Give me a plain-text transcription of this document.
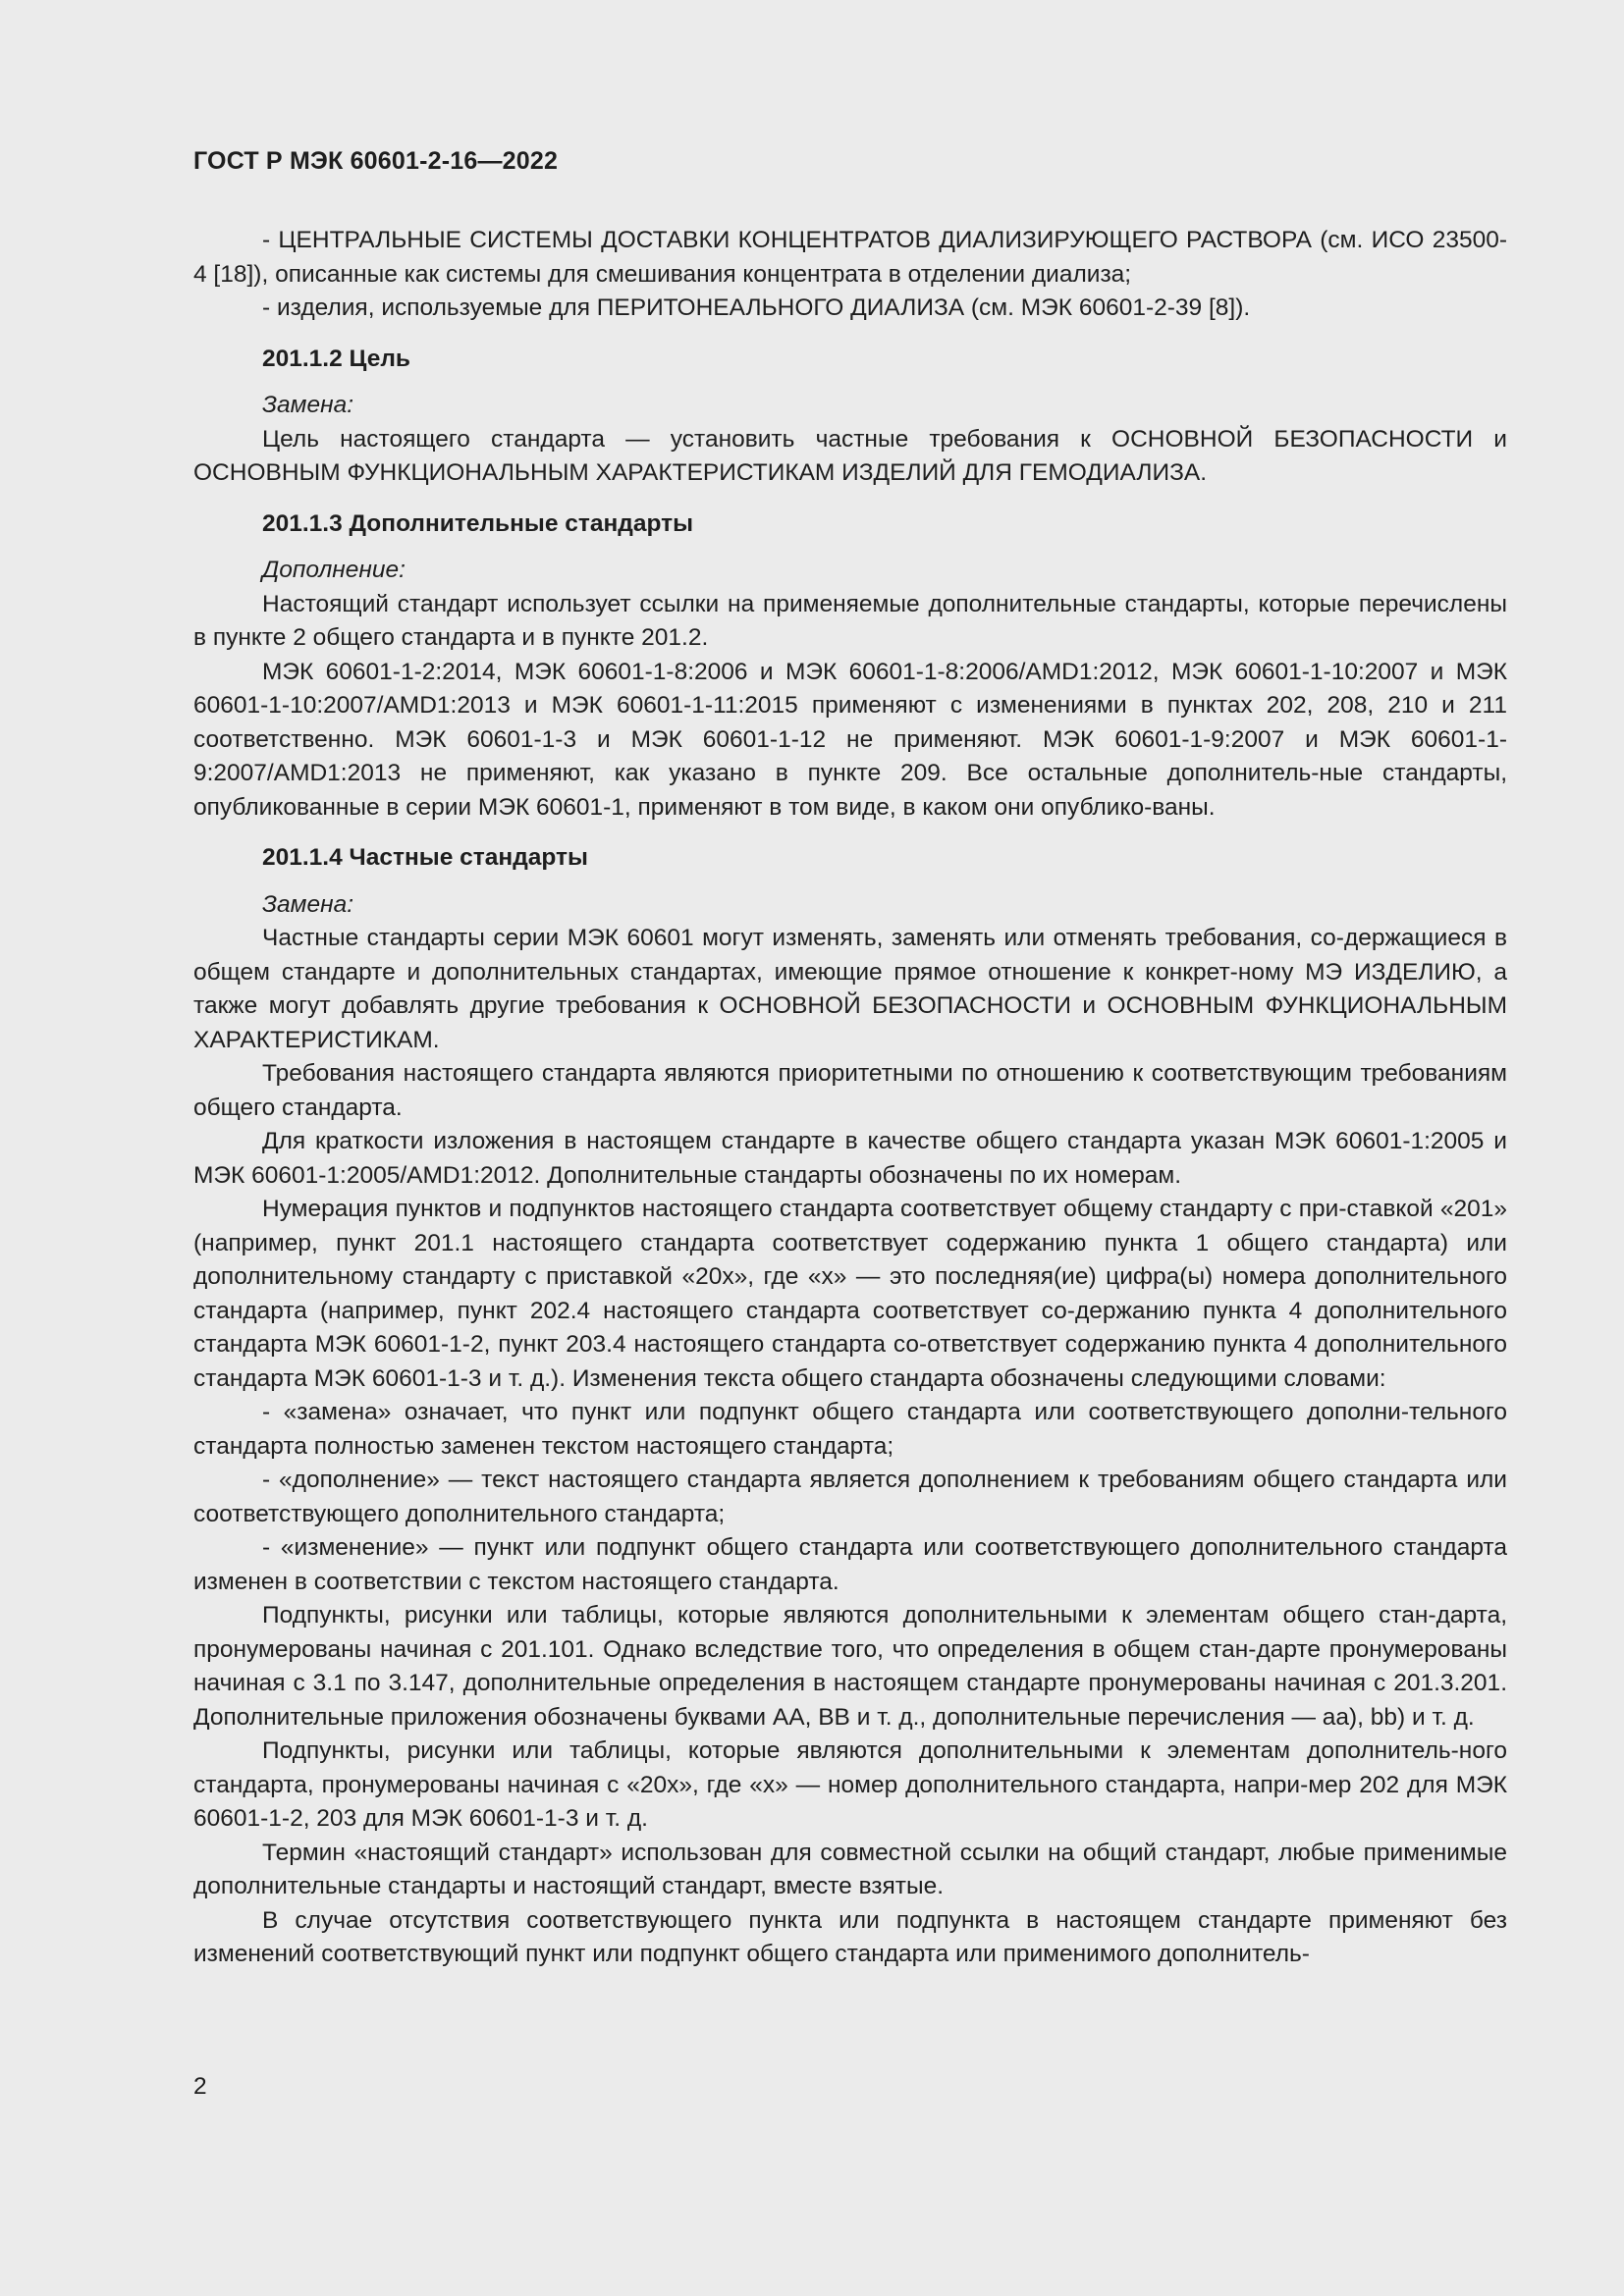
ГОСТ Р МЭК 60601-2-16—2022
- ЦЕНТРАЛЬНЫЕ СИСТЕМЫ ДОСТАВКИ КОНЦЕНТРАТОВ ДИАЛИЗИРУЮЩЕГО РАСТВОРА (см. ИСО 23500-4 [18]), описанные как системы для смешивания концентрата в отделении диализа;
- изделия, используемые для ПЕРИТОНЕАЛЬНОГО ДИАЛИЗА (см. МЭК 60601-2-39 [8]).
201.1.2 Цель
Замена:
Цель настоящего стандарта — установить частные требования к ОСНОВНОЙ БЕЗОПАСНОСТИ и ОСНОВНЫМ ФУНКЦИОНАЛЬНЫМ ХАРАКТЕРИСТИКАМ ИЗДЕЛИЙ ДЛЯ ГЕМОДИАЛИЗА.
201.1.3 Дополнительные стандарты
Дополнение:
Настоящий стандарт использует ссылки на применяемые дополнительные стандарты, которые перечислены в пункте 2 общего стандарта и в пункте 201.2.
МЭК 60601-1-2:2014, МЭК 60601-1-8:2006 и МЭК 60601-1-8:2006/AMD1:2012, МЭК 60601-1-10:2007 и МЭК 60601-1-10:2007/AMD1:2013 и МЭК 60601-1-11:2015 применяют с изменениями в пунктах 202, 208, 210 и 211 соответственно. МЭК 60601-1-3 и МЭК 60601-1-12 не применяют. МЭК 60601-1-9:2007 и МЭК 60601-1-9:2007/AMD1:2013 не применяют, как указано в пункте 209. Все остальные дополнитель-ные стандарты, опубликованные в серии МЭК 60601-1, применяют в том виде, в каком они опублико-ваны.
201.1.4 Частные стандарты
Замена:
Частные стандарты серии МЭК 60601 могут изменять, заменять или отменять требования, со-держащиеся в общем стандарте и дополнительных стандартах, имеющие прямое отношение к конкрет-ному МЭ ИЗДЕЛИЮ, а также могут добавлять другие требования к ОСНОВНОЙ БЕЗОПАСНОСТИ и ОСНОВНЫМ ФУНКЦИОНАЛЬНЫМ ХАРАКТЕРИСТИКАМ.
Требования настоящего стандарта являются приоритетными по отношению к соответствующим требованиям общего стандарта.
Для краткости изложения в настоящем стандарте в качестве общего стандарта указан МЭК 60601-1:2005 и МЭК 60601-1:2005/AMD1:2012. Дополнительные стандарты обозначены по их номерам.
Нумерация пунктов и подпунктов настоящего стандарта соответствует общему стандарту с при-ставкой «201» (например, пункт 201.1 настоящего стандарта соответствует содержанию пункта 1 общего стандарта) или дополнительному стандарту с приставкой «20x», где «x» — это последняя(ие) цифра(ы) номера дополнительного стандарта (например, пункт 202.4 настоящего стандарта соответствует со-держанию пункта 4 дополнительного стандарта МЭК 60601-1-2, пункт 203.4 настоящего стандарта со-ответствует содержанию пункта 4 дополнительного стандарта МЭК 60601-1-3 и т. д.). Изменения текста общего стандарта обозначены следующими словами:
- «замена» означает, что пункт или подпункт общего стандарта или соответствующего дополни-тельного стандарта полностью заменен текстом настоящего стандарта;
- «дополнение» — текст настоящего стандарта является дополнением к требованиям общего стандарта или соответствующего дополнительного стандарта;
- «изменение» — пункт или подпункт общего стандарта или соответствующего дополнительного стандарта изменен в соответствии с текстом настоящего стандарта.
Подпункты, рисунки или таблицы, которые являются дополнительными к элементам общего стан-дарта, пронумерованы начиная с 201.101. Однако вследствие того, что определения в общем стан-дарте пронумерованы начиная с 3.1 по 3.147, дополнительные определения в настоящем стандарте пронумерованы начиная с 201.3.201. Дополнительные приложения обозначены буквами AA, BB и т. д., дополнительные перечисления — aa), bb) и т. д.
Подпункты, рисунки или таблицы, которые являются дополнительными к элементам дополнитель-ного стандарта, пронумерованы начиная с «20x», где «x» — номер дополнительного стандарта, напри-мер 202 для МЭК 60601-1-2, 203 для МЭК 60601-1-3 и т. д.
Термин «настоящий стандарт» использован для совместной ссылки на общий стандарт, любые применимые дополнительные стандарты и настоящий стандарт, вместе взятые.
В случае отсутствия соответствующего пункта или подпункта в настоящем стандарте применяют без изменений соответствующий пункт или подпункт общего стандарта или применимого дополнитель-
2
